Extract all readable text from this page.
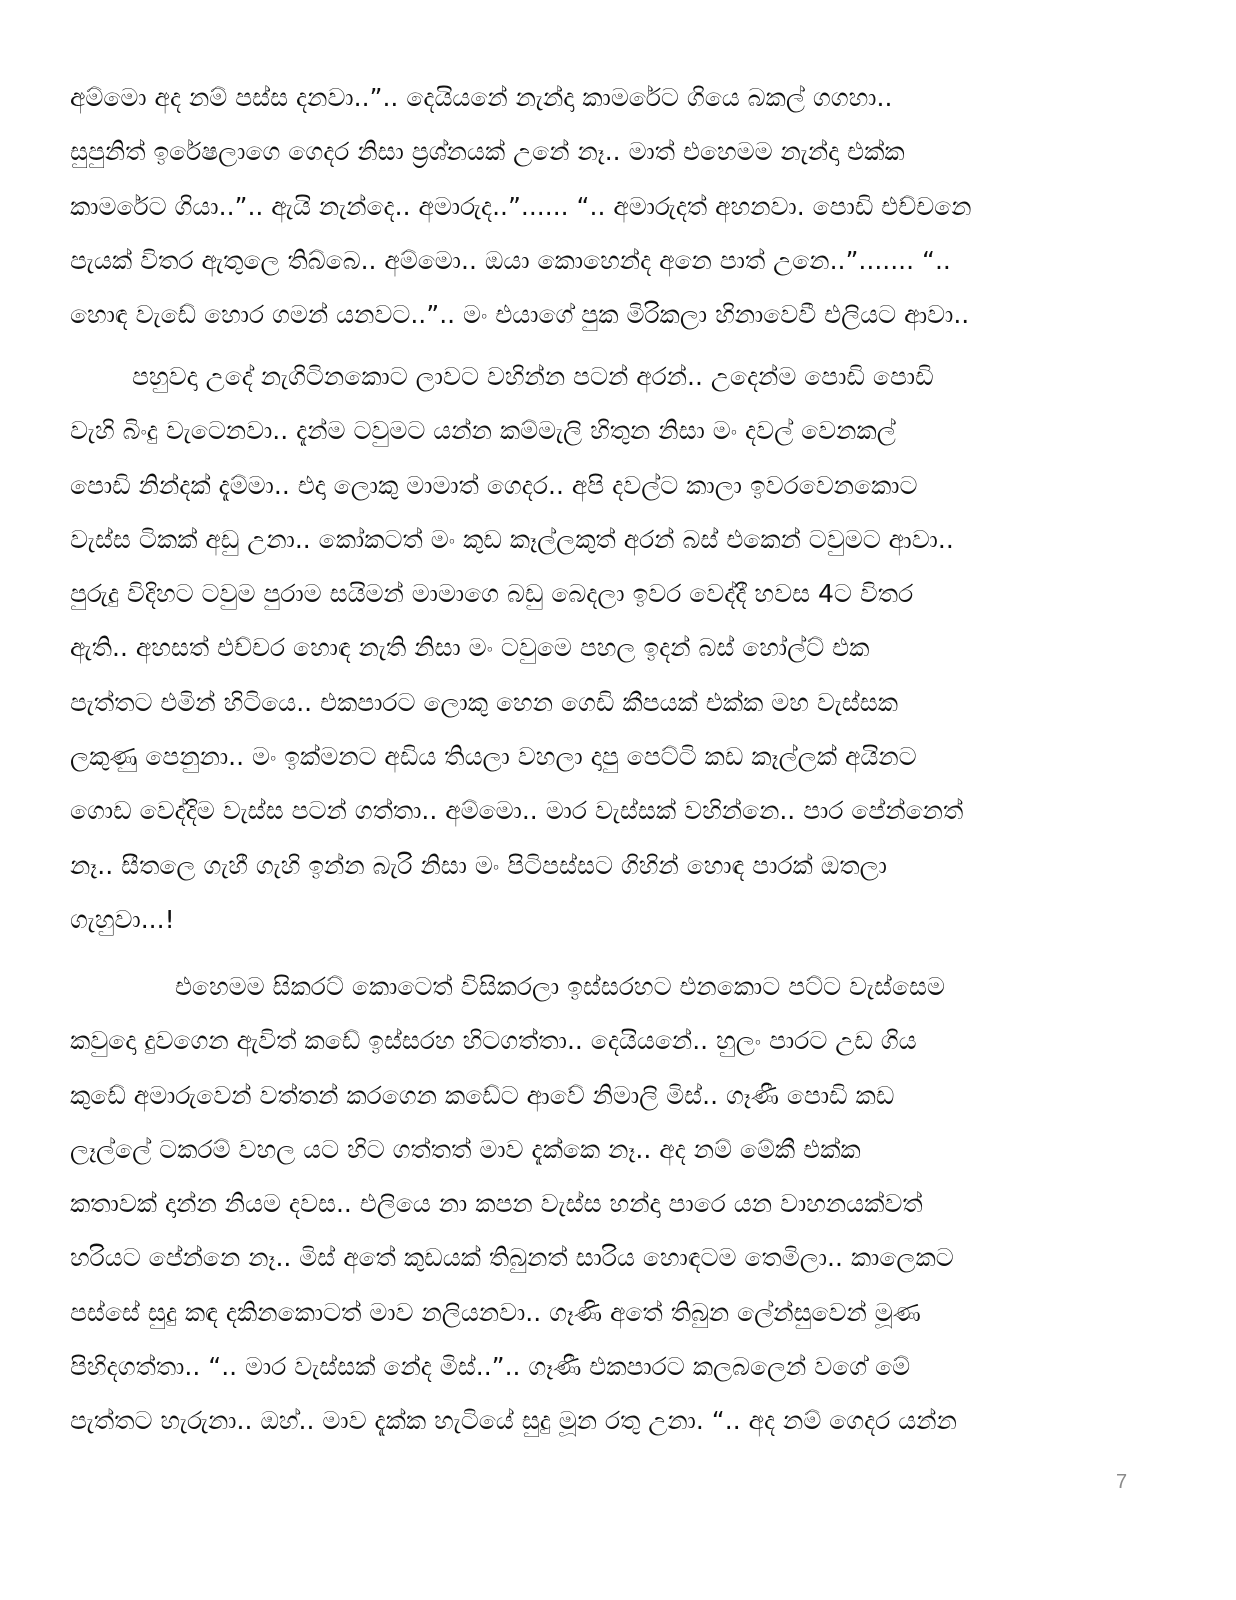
අම්මො අද නම් පස්ස දනවා..”.. දෙයියනේ නැන්දා කාමරේට ගියෙ බකල් ගගහා..
සුපුනිත් ඉරේෂලාගෙ ගෙදර නිසා ප්‍රශ්නයක් උනේ නෑ.. මාත් එහෙමම නැන්දා එක්ක
කාමරේට ගියා..”.. ඇයි නැන්දෙ.. අමාරුද..”...... “.. අමාරුදත් අහනවා. පොඩි එච්චනෙ
පැයක් විතර ඇතුලෙ තිබ්බෙ.. අම්මො.. ඔයා කොහෙන්ද අනෙ පාත් උනෙ..”....... “..
හොඳ වැඩේ හොර ගමන් යනවට..”.. මං එයාගේ පුක මිරිකලා හිනාවෙවී එලියට ආවා..
පහුවදා උදේ නැගිටිනකොට ලාවට වහින්න පටන් අරන්.. උදෙන්ම පොඩි පොඩි
වැහි බිංදු වැටෙනවා.. දැන්ම ටවුමට යන්න කම්මැලි හිතුන නිසා මං දවල් වෙනකල්
පොඩි නින්දක් දැම්මා.. එදා ලොකු මාමාත් ගෙදර.. අපි දවල්ට කාලා ඉවරවෙනකොට
වැස්ස ටිකක් අඩු උනා.. කෝකටත් මං කුඩ කෑල්ලකුත් අරන් බස් එකෙන් ටවුමට ආවා..
පුරුදු විදිහට ටවුම පුරාම සයිමන් මාමාගෙ බඩු බෙදලා ඉවර වෙද්දී හවස 4ට විතර
ඇති.. අහසත් එච්චර හොඳ නැති නිසා මං ටවුමෙ පහල ඉදන් බස් හෝල්ට් එක
පැත්තට එමින් හිටියෙ.. එකපාරට ලොකු හෙන ගෙඩි කීපයක් එක්ක මහ වැස්සක
ලකුණු පෙනුනා.. මං ඉක්මනට අඩිය තියලා වහලා දාපු පෙට්ටි කඩ කෑල්ලක් අයිනට
ගොඩ වෙද්දිම වැස්ස පටන් ගත්තා.. අම්මො.. මාර වැස්සක් වහින්නෙ.. පාර පේන්නෙත්
නෑ.. සීතලෙ ගැහී ගැහි ඉන්න බැරි නිසා මං පිටිපස්සට ගිහින් හොඳ පාරක් ඔතලා
ගැහුවා...!
එහෙමම සිකරට් කොටෙත් විසිකරලා ඉස්සරහට එනකොට පට්ට වැස්සෙම
කවුදො දුවගෙන ඇවිත් කඩේ ඉස්සරහ හිටගත්තා.. දෙයියනේ.. හුලං පාරට උඩ ගිය
කුඩේ අමාරුවෙන් වත්තන් කරගෙන කඩේට ආවේ නිමාලි මිස්.. ගෑණී පොඩි කඩ
ලෑල්ලේ ටකරම් වහල යට හිට ගත්තත් මාව දැක්කෙ නෑ.. අද නම් මේකී එක්ක
කතාවක් දාන්න නියම දවස.. එලියෙ නා කපන වැස්ස හන්දා පාරෙ යන වාහනයක්වත්
හරියට පේන්නෙ නෑ.. මිස් අතේ කුඩයක් තිබුනත් සාරිය හොඳටම තෙමිලා.. කාලෙකට
පස්සේ සුදු කඳ දකිනකොටත් මාව නලියනවා.. ගෑණි අතේ තිබුන ලේන්සුවෙන් මූණ
පිහිදගත්තා.. “.. මාර වැස්සක් නේද මිස්..”.. ගෑණී එකපාරට කලබලෙන් වගේ මේ
පැත්තට හැරුනා.. ඔහ්.. මාව දැක්ක හැටියේ සුදු මූන රතු උනා. “.. අද නම් ගෙදර යන්න
7
